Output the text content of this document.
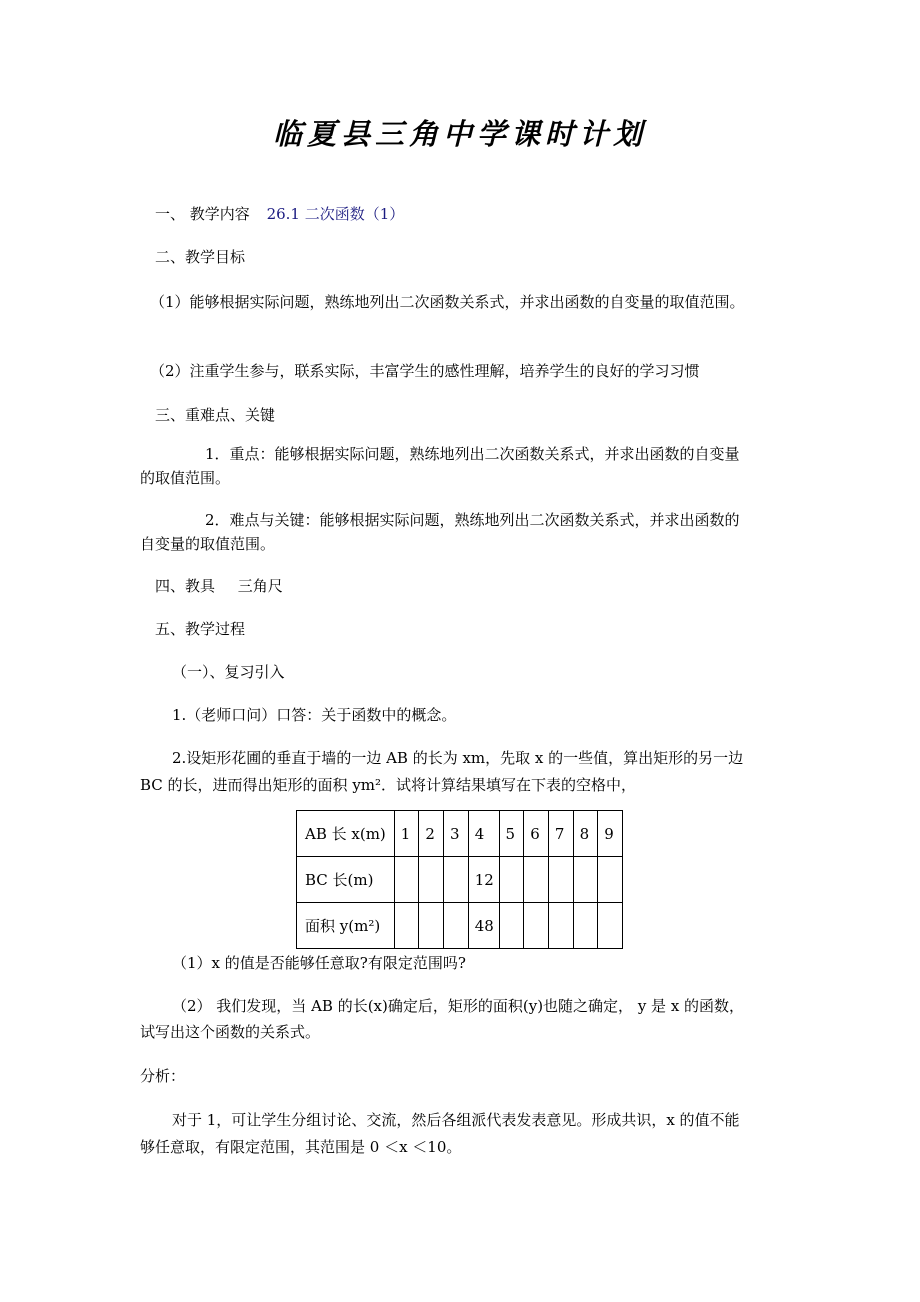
临夏县三角中学课时计划
一、 教学内容 26.1 二次函数（1）
二、教学目标
（1）能够根据实际问题，熟练地列出二次函数关系式，并求出函数的自变量的取值范围。
（2）注重学生参与，联系实际，丰富学生的感性理解，培养学生的良好的学习习惯
三、重难点、关键
1．重点：能够根据实际问题，熟练地列出二次函数关系式，并求出函数的自变量
的取值范围。
2．难点与关键：能够根据实际问题，熟练地列出二次函数关系式，并求出函数的
自变量的取值范围。
四、教具 三角尺
五、教学过程
（一）、复习引入
1.（老师口问）口答：关于函数中的概念。
2.设矩形花圃的垂直于墙的一边 AB 的长为 xm，先取 x 的一些值，算出矩形的另一边
BC 的长，进而得出矩形的面积 ym²．试将计算结果填写在下表的空格中，
AB 长 x(m)	1	2	3	4	5	6	7	8	9
BC 长(m)				12					
面积 y(m²)				48					
（1）x 的值是否能够任意取?有限定范围吗?
（2） 我们发现，当 AB 的长(x)确定后，矩形的面积(y)也随之确定， y 是 x 的函数，
试写出这个函数的关系式。
分析：
对于 1，可让学生分组讨论、交流，然后各组派代表发表意见。形成共识，x 的值不能
够任意取，有限定范围，其范围是 0 ＜x ＜10。
